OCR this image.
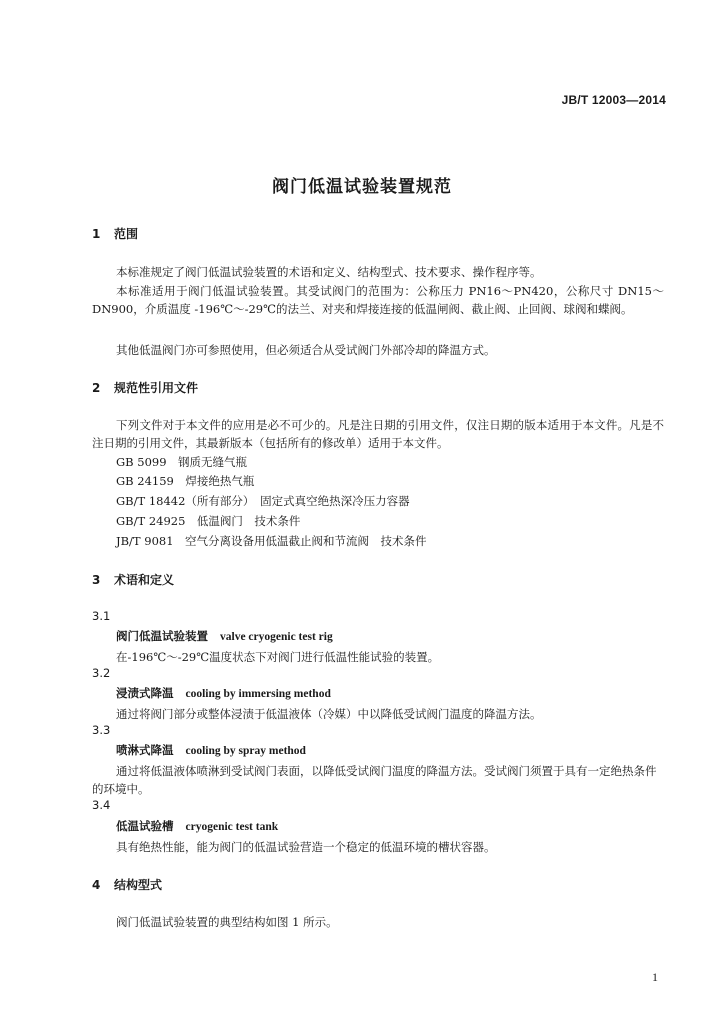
JB/T 12003—2014
阀门低温试验装置规范
1 范围
本标准规定了阀门低温试验装置的术语和定义、结构型式、技术要求、操作程序等。
本标准适用于阀门低温试验装置。其受试阀门的范围为：公称压力 PN16～PN420，公称尺寸 DN15～DN900，介质温度 -196℃～-29℃的法兰、对夹和焊接连接的低温闸阀、截止阀、止回阀、球阀和蝶阀。
其他低温阀门亦可参照使用，但必须适合从受试阀门外部冷却的降温方式。
2 规范性引用文件
下列文件对于本文件的应用是必不可少的。凡是注日期的引用文件，仅注日期的版本适用于本文件。凡是不注日期的引用文件，其最新版本（包括所有的修改单）适用于本文件。
GB 5099　钢质无缝气瓶
GB 24159　焊接绝热气瓶
GB/T 18442（所有部分）　固定式真空绝热深冷压力容器
GB/T 24925　低温阀门　技术条件
JB/T 9081　空气分离设备用低温截止阀和节流阀　技术条件
3 术语和定义
3.1
阀门低温试验装置 valve cryogenic test rig
在-196℃～-29℃温度状态下对阀门进行低温性能试验的装置。
3.2
浸渍式降温 cooling by immersing method
通过将阀门部分或整体浸渍于低温液体（冷媒）中以降低受试阀门温度的降温方法。
3.3
喷淋式降温 cooling by spray method
通过将低温液体喷淋到受试阀门表面，以降低受试阀门温度的降温方法。受试阀门须置于具有一定绝热条件的环境中。
3.4
低温试验槽 cryogenic test tank
具有绝热性能，能为阀门的低温试验营造一个稳定的低温环境的槽状容器。
4 结构型式
阀门低温试验装置的典型结构如图 1 所示。
1
